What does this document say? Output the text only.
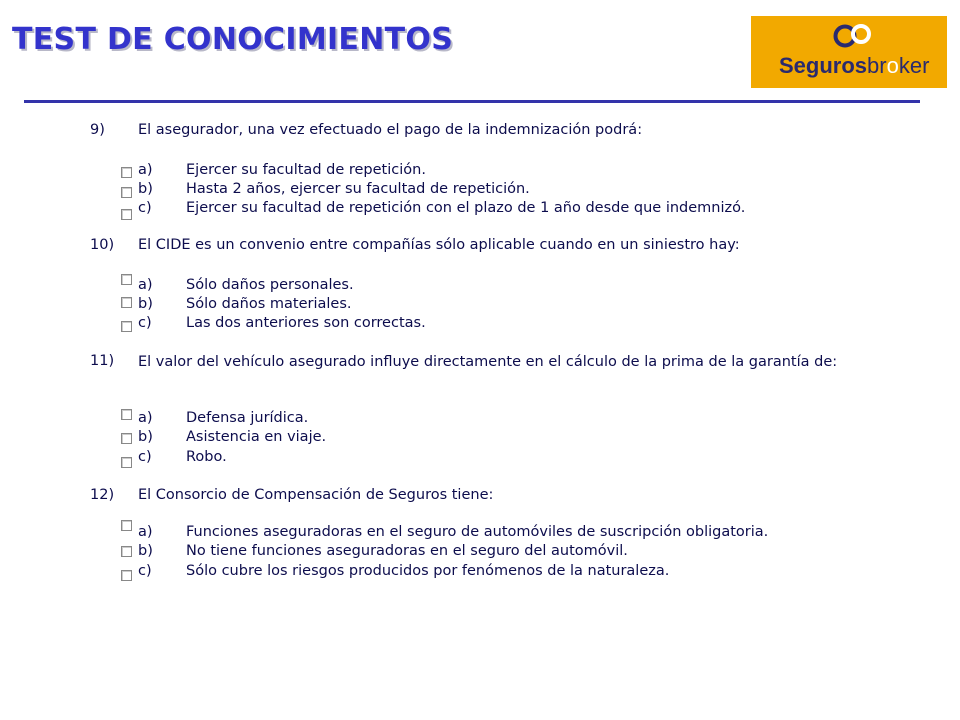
TEST DE CONOCIMIENTOS
Segurosbroker
9) El asegurador, una vez efectuado el pago de la indemnización podrá:
a) Ejercer su facultad de repetición.
b) Hasta 2 años, ejercer su facultad de repetición.
c) Ejercer su facultad de repetición con el plazo de 1 año desde que indemnizó.
10) El CIDE es un convenio entre compañías sólo aplicable cuando en un siniestro hay:
a) Sólo daños personales.
b) Sólo daños materiales.
c) Las dos anteriores son correctas.
11) El valor del vehículo asegurado influye directamente en el cálculo de la prima de la garantía de:
a) Defensa jurídica.
b) Asistencia en viaje.
c) Robo.
12) El Consorcio de Compensación de Seguros tiene:
a) Funciones aseguradoras en el seguro de automóviles de suscripción obligatoria.
b) No tiene funciones aseguradoras en el seguro del automóvil.
c) Sólo cubre los riesgos producidos por fenómenos de la naturaleza.
